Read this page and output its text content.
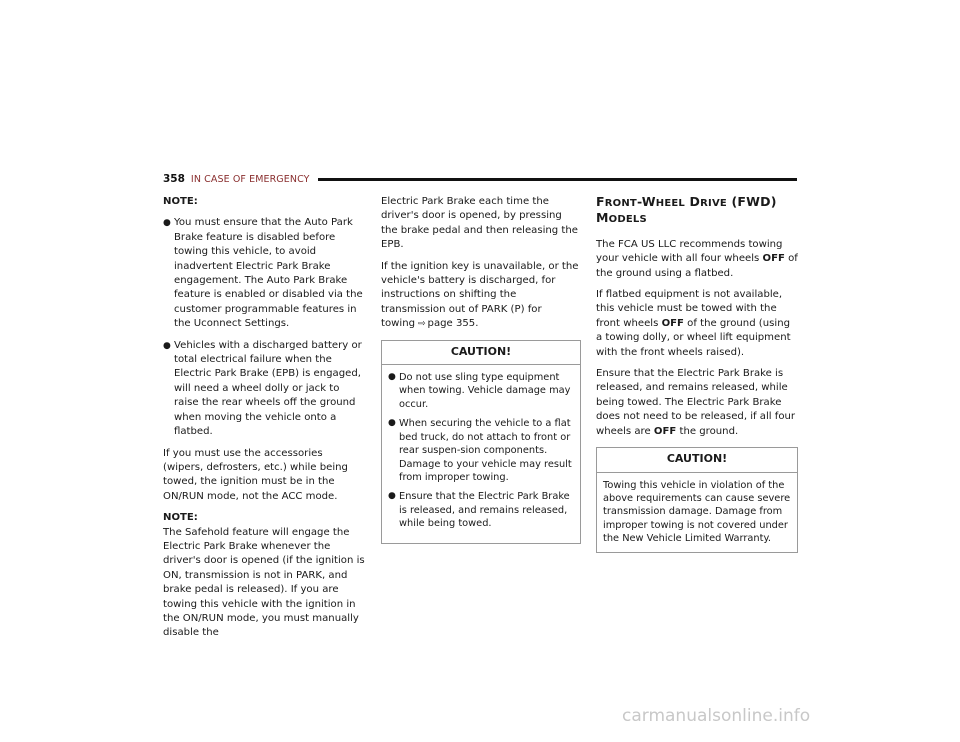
358 IN CASE OF EMERGENCY
NOTE:
● You must ensure that the Auto Park Brake feature is disabled before towing this vehicle, to avoid inadvertent Electric Park Brake engagement. The Auto Park Brake feature is enabled or disabled via the customer programmable features in the Uconnect Settings.
● Vehicles with a discharged battery or total electrical failure when the Electric Park Brake (EPB) is engaged, will need a wheel dolly or jack to raise the rear wheels off the ground when moving the vehicle onto a flatbed.

If you must use the accessories (wipers, defrosters, etc.) while being towed, the ignition must be in the ON/RUN mode, not the ACC mode.

NOTE:

The Safehold feature will engage the Electric Park Brake whenever the driver's door is opened (if the ignition is ON, transmission is not in PARK, and brake pedal is released). If you are towing this vehicle with the ignition in the ON/RUN mode, you must manually disable the

Electric Park Brake each time the driver's door is opened, by pressing the brake pedal and then releasing the EPB.

If the ignition key is unavailable, or the vehicle's battery is discharged, for instructions on shifting the transmission out of PARK (P) for towing ⇨ page 355.

CAUTION!
● Do not use sling type equipment when towing. Vehicle damage may occur.
● When securing the vehicle to a flat bed truck, do not attach to front or rear suspen-sion components. Damage to your vehicle may result from improper towing.
● Ensure that the Electric Park Brake is released, and remains released, while being towed.
FRONT-WHEEL DRIVE (FWD) MODELS

The FCA US LLC recommends towing your vehicle with all four wheels OFF of the ground using a flatbed.

If flatbed equipment is not available, this vehicle must be towed with the front wheels OFF of the ground (using a towing dolly, or wheel lift equipment with the front wheels raised).

Ensure that the Electric Park Brake is released, and remains released, while being towed. The Electric Park Brake does not need to be released, if all four wheels are OFF the ground.

CAUTION!
Towing this vehicle in violation of the above requirements can cause severe transmission damage. Damage from improper towing is not covered under the New Vehicle Limited Warranty.
carmanualsonline.info
